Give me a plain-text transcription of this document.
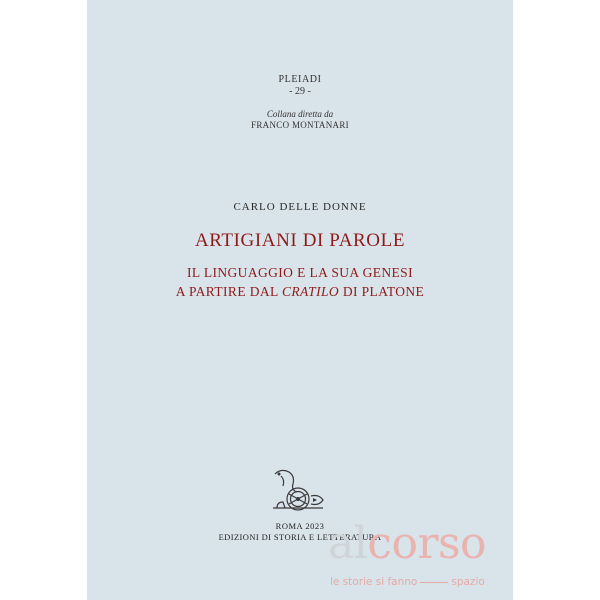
PLEIADI
- 29 -
Collana diretta da
FRANCO MONTANARI
CARLO DELLE DONNE
ARTIGIANI DI PAROLE
IL LINGUAGGIO E LA SUA GENESI
A PARTIRE DAL CRATILO DI PLATONE
ROMA 2023
EDIZIONI DI STORIA E LETTERATURA
alcorso
le storie si fanno	spazio
